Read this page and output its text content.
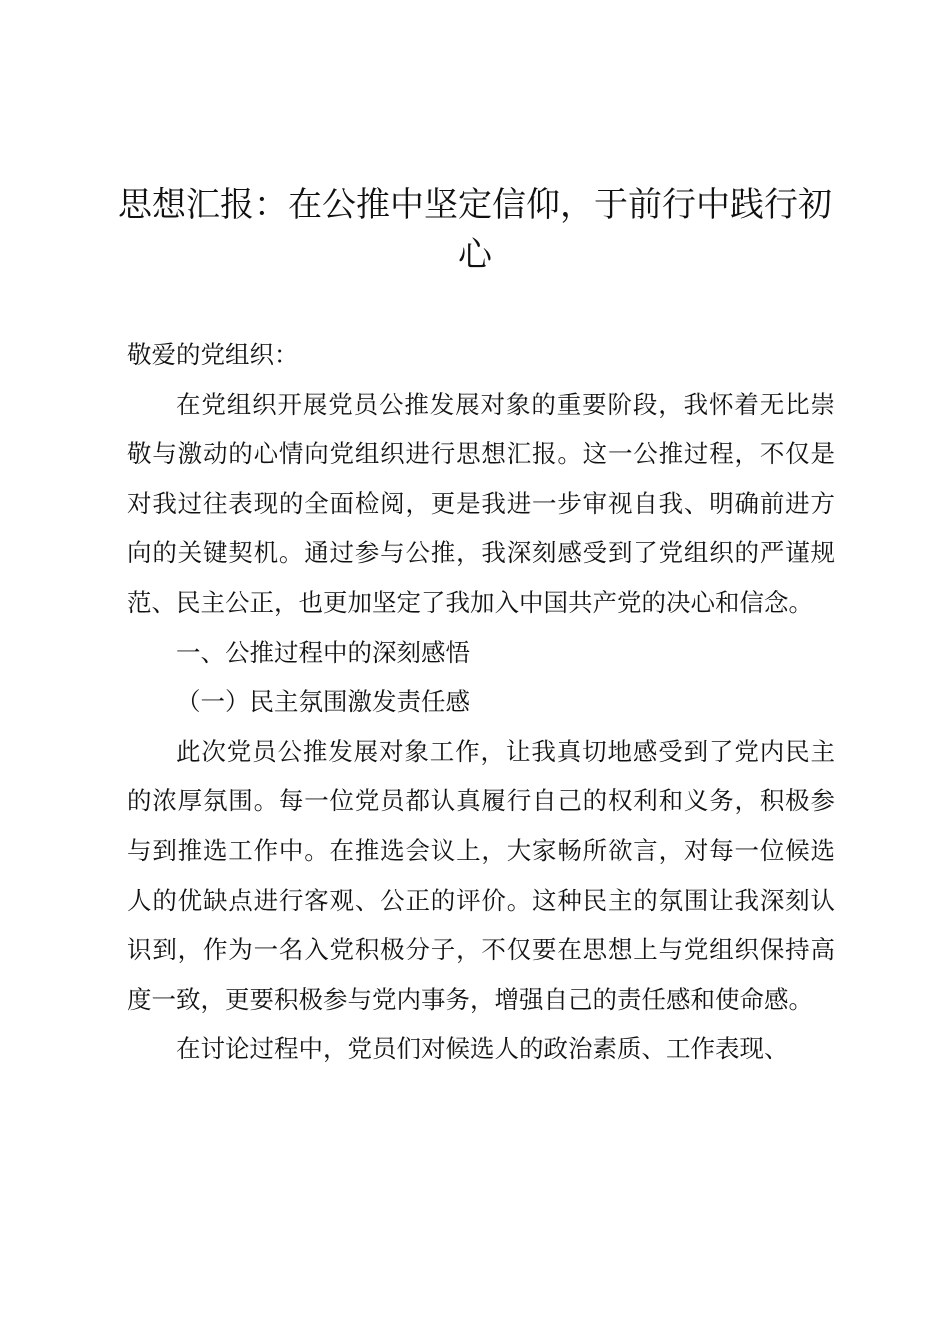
思想汇报：在公推中坚定信仰，于前行中践行初心

敬爱的党组织：

在党组织开展党员公推发展对象的重要阶段，我怀着无比崇敬与激动的心情向党组织进行思想汇报。这一公推过程，不仅是对我过往表现的全面检阅，更是我进一步审视自我、明确前进方向的关键契机。通过参与公推，我深刻感受到了党组织的严谨规范、民主公正，也更加坚定了我加入中国共产党的决心和信念。

一、公推过程中的深刻感悟

（一）民主氛围激发责任感

此次党员公推发展对象工作，让我真切地感受到了党内民主的浓厚氛围。每一位党员都认真履行自己的权利和义务，积极参与到推选工作中。在推选会议上，大家畅所欲言，对每一位候选人的优缺点进行客观、公正的评价。这种民主的氛围让我深刻认识到，作为一名入党积极分子，不仅要在思想上与党组织保持高度一致，更要积极参与党内事务，增强自己的责任感和使命感。

在讨论过程中，党员们对候选人的政治素质、工作表现、
